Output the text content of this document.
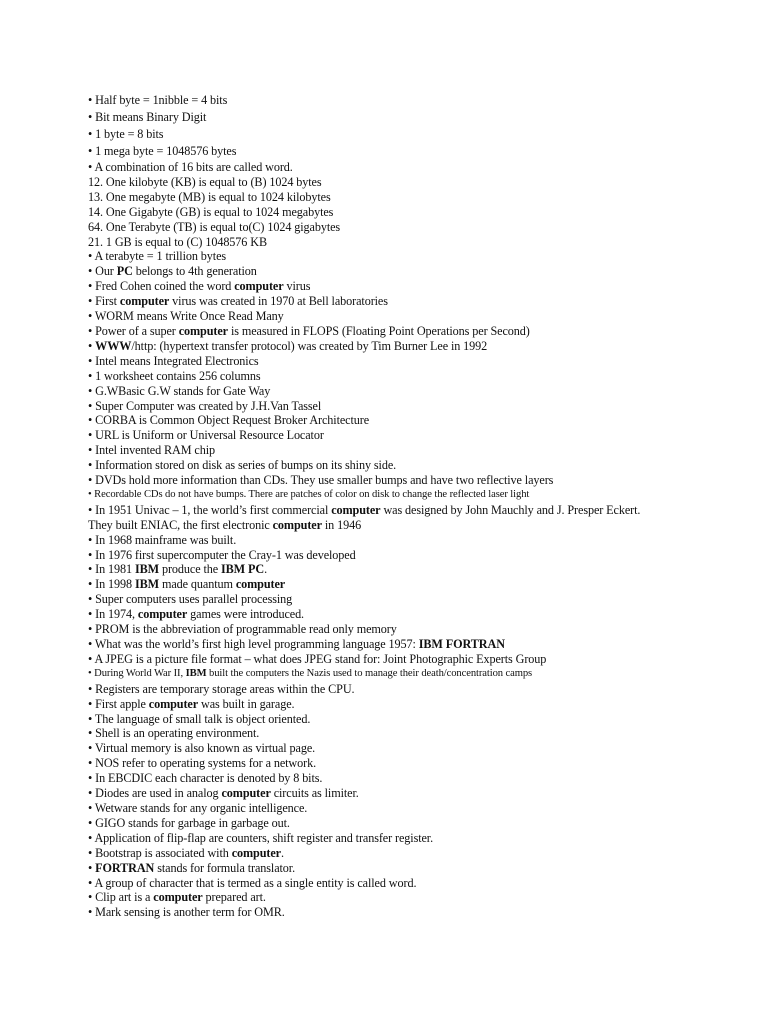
• Half byte = 1nibble = 4 bits
• Bit means Binary Digit
• 1 byte = 8 bits
• 1 mega byte = 1048576 bytes
• A combination of 16 bits are called word.
12. One kilobyte (KB) is equal to (B) 1024 bytes
13. One megabyte (MB) is equal to 1024 kilobytes
14. One Gigabyte (GB) is equal to 1024 megabytes
64. One Terabyte (TB) is equal to(C) 1024 gigabytes
21. 1 GB is equal to (C) 1048576 KB
• A terabyte = 1 trillion bytes
• Our PC belongs to 4th generation
• Fred Cohen coined the word computer virus
• First computer virus was created in 1970 at Bell laboratories
• WORM means Write Once Read Many
• Power of a super computer is measured in FLOPS (Floating Point Operations per Second)
• WWW/http: (hypertext transfer protocol) was created by Tim Burner Lee in 1992
• Intel means Integrated Electronics
• 1 worksheet contains 256 columns
• G.WBasic G.W stands for Gate Way
• Super Computer was created by J.H.Van Tassel
• CORBA is Common Object Request Broker Architecture
• URL is Uniform or Universal Resource Locator
• Intel invented RAM chip
• Information stored on disk as series of bumps on its shiny side.
• DVDs hold more information than CDs. They use smaller bumps and have two reflective layers
• Recordable CDs do not have bumps. There are patches of color on disk to change the reflected laser light
• In 1951 Univac – 1, the world’s first commercial computer was designed by John Mauchly and J. Presper Eckert.
They built ENIAC, the first electronic computer in 1946
• In 1968 mainframe was built.
• In 1976 first supercomputer the Cray-1 was developed
• In 1981 IBM produce the IBM PC.
• In 1998 IBM made quantum computer
• Super computers uses parallel processing
• In 1974, computer games were introduced.
• PROM is the abbreviation of programmable read only memory
• What was the world’s first high level programming language 1957: IBM FORTRAN
• A JPEG is a picture file format – what does JPEG stand for: Joint Photographic Experts Group
• During World War II, IBM built the computers the Nazis used to manage their death/concentration camps
• Registers are temporary storage areas within the CPU.
• First apple computer was built in garage.
• The language of small talk is object oriented.
• Shell is an operating environment.
• Virtual memory is also known as virtual page.
• NOS refer to operating systems for a network.
• In EBCDIC each character is denoted by 8 bits.
• Diodes are used in analog computer circuits as limiter.
• Wetware stands for any organic intelligence.
• GIGO stands for garbage in garbage out.
• Application of flip-flap are counters, shift register and transfer register.
• Bootstrap is associated with computer.
• FORTRAN stands for formula translator.
• A group of character that is termed as a single entity is called word.
• Clip art is a computer prepared art.
• Mark sensing is another term for OMR.
